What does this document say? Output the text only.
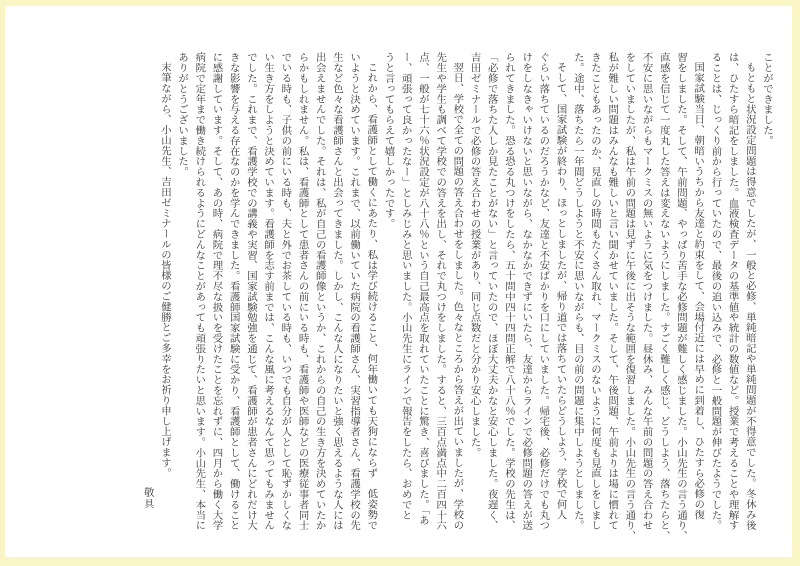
ことができました。
もともと状況設定問題は得意でしたが、一般と必修、単純暗記や単純問題が不得意でした。冬休み後
は、ひたすら暗記をしました。血液検査データの基準値や統計の数値など。授業で考えることや理解す
ることは、じっくり前から行っていたので、最後の追い込みで、必修と一般問題が伸びたようでした。
国家試験当日、朝暗いうちから友達と約束をして、会場付近には早めに到着し、ひたすら必修の復
習をしました。そして、午前問題、やっぱり苦手な必修問題が難しく感じました。小山先生の言う通り、
直感を信じて一度丸した答えは変えないようにしました。すごく難しく感じ、どうしよう、落ちたらと、
不安に思いながらもマークミスの無いように気をつけました。昼休み、みんな午前の問題の答え合わせ
をしていましたが、私は午前の問題は見ずに午後に出そうな範囲を復習しました。小山先生の言う通り、
私が難しい問題はみんなも難しいと言い聞かせていました。そして、午後問題、午前よりは場に慣れて
きたこともあったのか、見直しの時間もたくさん取れ、マークミスのないように何度も見直しをしまし
た。途中、落ちたら一年間どうしようと不安に思いながらも、目の前の問題に集中しようとしました。
そして、国家試験が終わり、ほっとしましたが、帰り道では落ちていたらどうしよう、学校で何人
ぐらい落ちているのだろうかなど、友達と不安ばかりを口にしていました。帰宅後、必修だけでも丸つ
けをしなきゃいけないと思いながら、なかなかできずにいたら、友達からラインで必修問題の答えが送
られてきました。恐る恐る丸つけをしたら、五十問中四十四問正解で八十八％でした。学校の先生は、
「必修で落ちた人しか見たことがない」と言っていたので、ほぼ大丈夫かなと安心しました。夜遅く、
吉田ゼミナールで必修の答え合わせの授業があり、同じ点数だと分かり安心しました。
翌日、学校で全ての問題の答え合わせをしました。色々なところから答えが出ていましたが、学校の
先生や学生も調べて学校での答えを出し、それで丸つけをしました。すると、三百点満点中二百四十六
点、一般が七十六％状況設定が八十八％という自己最高点を取れていたことに驚き、喜びました。「あ
ー、頑張って良かったなー」としみじみと思いました。小山先生にラインで報告をしたら、おめでと
うと言ってもらえて嬉しかったです。
これから、看護師として働くにあたり、私は学び続けること、何年働いても天狗にならず　低姿勢で
いようと決めています。これまで、以前働いていた病院の看護師さん、実習指導者さん、看護学校の先
生など色々な看護師さんと出会ってきました。しかし、こんな人になりたいと強く思えるような人には
出会えませんでした。それは、私が自己の看護師像というか、これからの自己の生き方を決めていたか
らかもしれません。私は、看護師として患者さんの前にいる時も、看護師や医師などの医療従事者同士
でいる時も、子供の前にいる時も、夫と外でお茶している時も、いつでも自分が人として恥ずかしくな
い生き方をしようと決めています。看護師を志す前までは、こんな風に考えるなんて思ってもみません
でした。これまで、看護学校での講義や実習、国家試験勉強を通じて、看護師が患者さんにどれだけ大
きな影響を与える存在なのかを学んできました。看護師国家試験に受かり、看護師として、働けること
に感謝しています。そして、あの時、病院で理不尽な扱いを受けたことを忘れずに、四月から働く大学
病院で定年まで働き続けられるようにどんなことがあっても頑張りたいと思います。小山先生、本当に
ありがとうございました。
末筆ながら、小山先生、吉田ゼミナールの皆様のご健勝とご多幸をお祈り申し上げます。
敬具
